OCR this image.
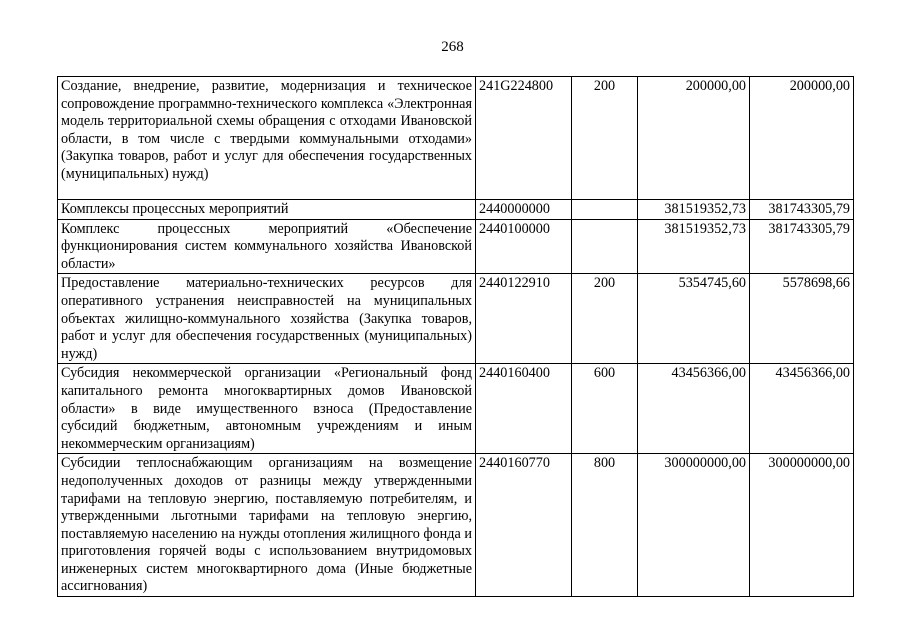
268
Создание, внедрение, развитие, модернизация и техническое сопровождение программно-технического комплекса «Электронная модель территориальной схемы обращения с отходами Ивановской области, в том числе с твердыми коммунальными отходами» (Закупка товаров, работ и услуг для обеспечения государственных (муниципальных) нужд)	241G224800	200	200000,00	200000,00
Комплексы процессных мероприятий	2440000000		381519352,73	381743305,79
Комплекс процессных мероприятий «Обеспечение функционирования систем коммунального хозяйства Ивановской области»	2440100000		381519352,73	381743305,79
Предоставление материально-технических ресурсов для оперативного устранения неисправностей на муниципальных объектах жилищно-коммунального хозяйства (Закупка товаров, работ и услуг для обеспечения государственных (муниципальных) нужд)	2440122910	200	5354745,60	5578698,66
Субсидия некоммерческой организации «Региональный фонд капитального ремонта многоквартирных домов Ивановской области» в виде имущественного взноса (Предоставление субсидий бюджетным, автономным учреждениям и иным некоммерческим организациям)	2440160400	600	43456366,00	43456366,00
Субсидии теплоснабжающим организациям на возмещение недополученных доходов от разницы между утвержденными тарифами на тепловую энергию, поставляемую потребителям, и утвержденными льготными тарифами на тепловую энергию, поставляемую населению на нужды отопления жилищного фонда и приготовления горячей воды с использованием внутридомовых инженерных систем многоквартирного дома (Иные бюджетные ассигнования)	2440160770	800	300000000,00	300000000,00
